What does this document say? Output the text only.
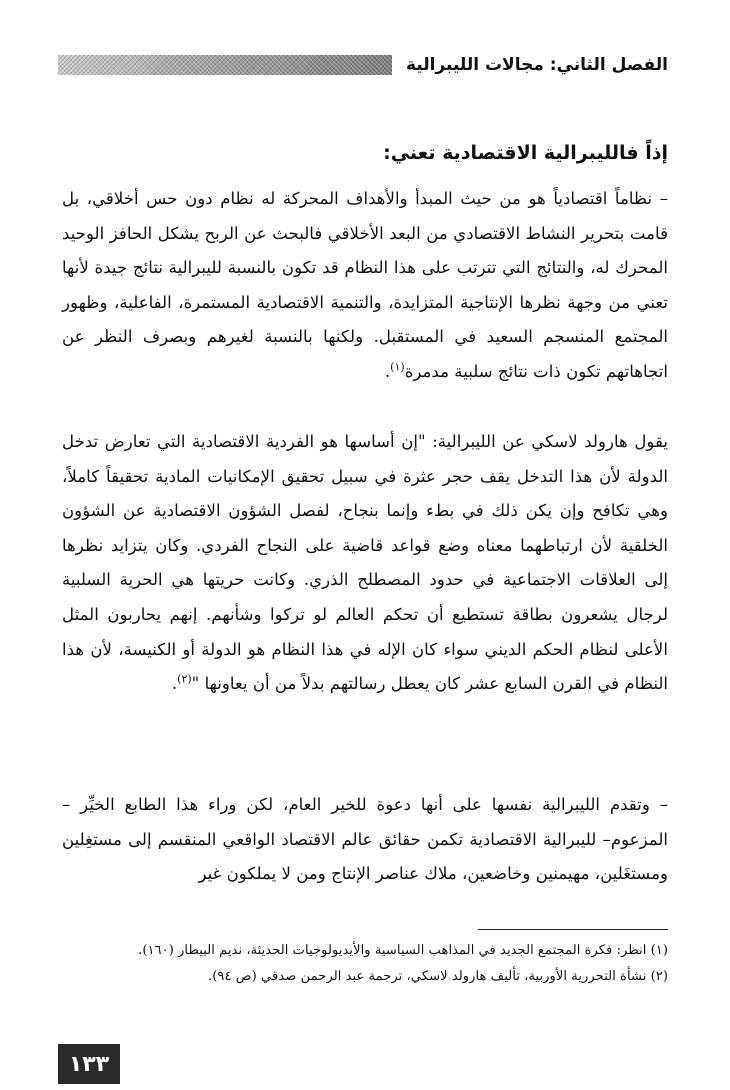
الفصل الثاني: مجالات الليبرالية
إذاً فالليبرالية الاقتصادية تعني:
– نظاماً اقتصادياً هو من حيث المبدأ والأهداف المحركة له نظام دون حس أخلاقي، بل قامت بتحرير النشاط الاقتصادي من البعد الأخلاقي فالبحث عن الربح يشكل الحافز الوحيد المحرك له، والنتائج التي تترتب على هذا النظام قد تكون بالنسبة لليبرالية نتائج جيدة لأنها تعني من وجهة نظرها الإنتاجية المتزايدة، والتنمية الاقتصادية المستمرة، الفاعلية، وظهور المجتمع المنسجم السعيد في المستقبل. ولكنها بالنسبة لغيرهم وبصرف النظر عن اتجاهاتهم تكون ذات نتائج سلبية مدمرة$^{(١)}$.
يقول هارولد لاسكي عن الليبرالية: "إن أساسها هو الفردية الاقتصادية التي تعارض تدخل الدولة لأن هذا التدخل يقف حجر عثرة في سبيل تحقيق الإمكانيات المادية تحقيقاً كاملاً، وهي تكافح وإن يكن ذلك في بطء وإنما بنجاح، لفصل الشؤون الاقتصادية عن الشؤون الخلقية لأن ارتباطهما معناه وضع قواعد قاضية على النجاح الفردي. وكان يتزايد نظرها إلى العلاقات الاجتماعية في حدود المصطلح الذري. وكانت حريتها هي الحرية السلبية لرجال يشعرون بطاقة تستطيع أن تحكم العالم لو تركوا وشأنهم. إنهم يحاربون المثل الأعلى لنظام الحكم الديني سواء كان الإله في هذا النظام هو الدولة أو الكنيسة، لأن هذا النظام في القرن السابع عشر كان يعطل رسالتهم بدلاً من أن يعاونها "$^{(٢)}$.
– وتقدم الليبرالية نفسها على أنها دعوة للخير العام، لكن وراء هذا الطابع الخيِّر –المزعوم– لليبرالية الاقتصادية تكمن حقائق عالم الاقتصاد الواقعي المنقسم إلى مستغِلين ومستغَلين، مهيمنين وخاضعين، ملاك عناصر الإنتاج ومن لا يملكون غير
(١) انظر: فكرة المجتمع الجديد في المذاهب السياسية والأيديولوجيات الحديثة، نديم البيطار (١٦٠).
(٢) نشأة التحررية الأوربية، تأليف هارولد لاسكي، ترجمة عبد الرحمن صدقي (ص ٩٤).
١٣٣
